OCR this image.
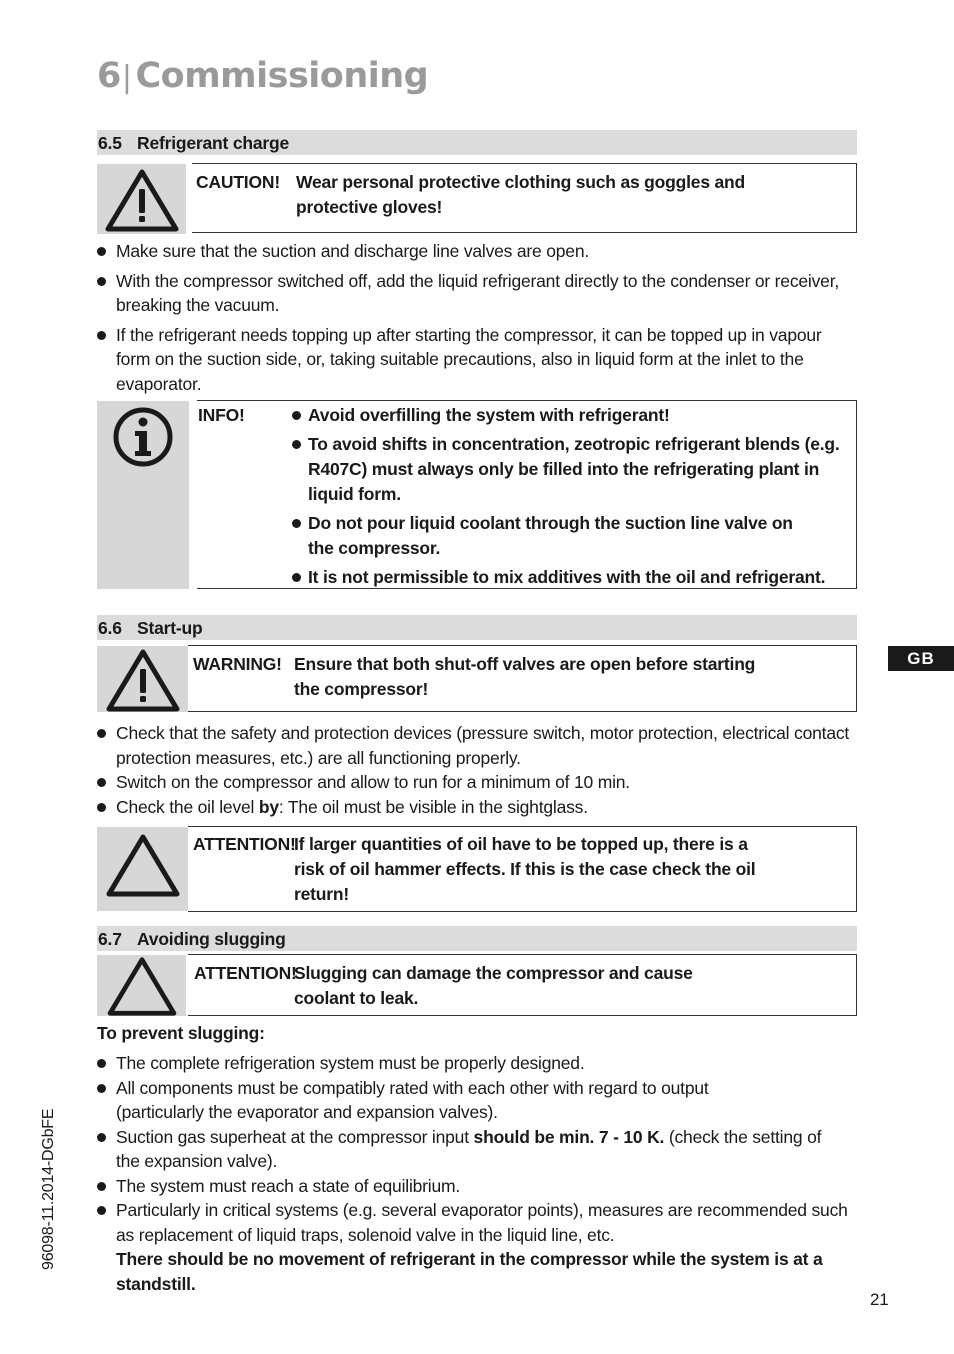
6| Commissioning
6.5 Refrigerant charge
CAUTION! Wear personal protective clothing such as goggles and protective gloves!
Make sure that the suction and discharge line valves are open.
With the compressor switched off, add the liquid refrigerant directly to the condenser or receiver, breaking the vacuum.
If the refrigerant needs topping up after starting the compressor, it can be topped up in vapour form on the suction side, or, taking suitable precautions, also in liquid form at the inlet to the evaporator.
INFO!	Avoid overfilling the system with refrigerant!
To avoid shifts in concentration, zeotropic refrigerant blends (e.g. R407C) must always only be filled into the refrigerating plant in liquid form.
Do not pour liquid coolant through the suction line valve on the compressor.
It is not permissible to mix additives with the oil and refrigerant.
6.6 Start-up
GB
WARNING! Ensure that both shut-off valves are open before starting the compressor!
Check that the safety and protection devices (pressure switch, motor protection, electrical contact protection measures, etc.) are all functioning properly.
Switch on the compressor and allow to run for a minimum of 10 min.
Check the oil level by: The oil must be visible in the sightglass.
ATTENTION!
If larger quantities of oil have to be topped up, there is a risk of oil hammer effects. If this is the case check the oil return!
6.7 Avoiding slugging
ATTENTION!
Slugging can damage the compressor and cause coolant to leak.
To prevent slugging:
The complete refrigeration system must be properly designed.
All components must be compatibly rated with each other with regard to output (particularly the evaporator and expansion valves).
Suction gas superheat at the compressor input should be min. 7 - 10 K. (check the setting of the expansion valve).
The system must reach a state of equilibrium.
Particularly in critical systems (e.g. several evaporator points), measures are recommended such as replacement of liquid traps, solenoid valve in the liquid line, etc.
There should be no movement of refrigerant in the compressor while the system is at a standstill.
96098-11.2014-DGbFE
21
